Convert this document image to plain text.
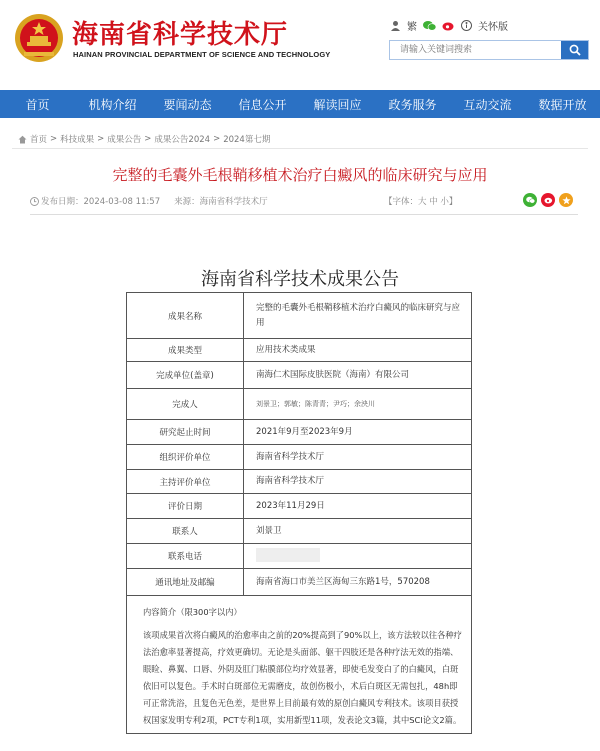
海南省科学技术厅
HAINAN PROVINCIAL DEPARTMENT OF SCIENCE AND TECHNOLOGY
繁	关怀版
请输入关键词搜索
首页	机构介绍	要闻动态	信息公开	解读回应	政务服务	互动交流	数据开放
首页 > 科技成果 > 成果公告 > 成果公告2024 > 2024第七期
完整的毛囊外毛根鞘移植术治疗白癜风的临床研究与应用
发布日期：2024-03-08 11:57 来源：海南省科学技术厅	【字体：大 中 小】
海南省科学技术成果公告
成果名称	完整的毛囊外毛根鞘移植术治疗白癜风的临床研究与应用
成果类型	应用技术类成果
完成单位(盖章)	南海仁术国际皮肤医院（海南）有限公司
完成人	刘景卫；郭敏；陈青青；尹巧；余泱川
研究起止时间	2021年9月至2023年9月
组织评价单位	海南省科学技术厅
主持评价单位	海南省科学技术厅
评价日期	2023年11月29日
联系人	刘景卫
联系电话	
通讯地址及邮编	海南省海口市美兰区海甸三东路1号，570208

内容简介（限300字以内）
该项成果首次将白癜风的治愈率由之前的20%提高到了90%以上，该方法较以往各种疗法治愈率显著提高，疗效更确切。无论是头面部、躯干四肢还是各种疗法无效的指端、眼睑、鼻翼、口唇、外阴及肛门粘膜部位均疗效显著，即使毛发变白了的白癜风，白斑依旧可以复色。手术时白斑部位无需磨皮，故创伤极小，术后白斑区无需包扎，48h即可正常洗浴，且复色无色差，是世界上目前最有效的原创白癜风专利技术。该项目获授权国家发明专利2项，PCT专利1项，实用新型11项，发表论文3篇，其中SCI论文2篇。	
